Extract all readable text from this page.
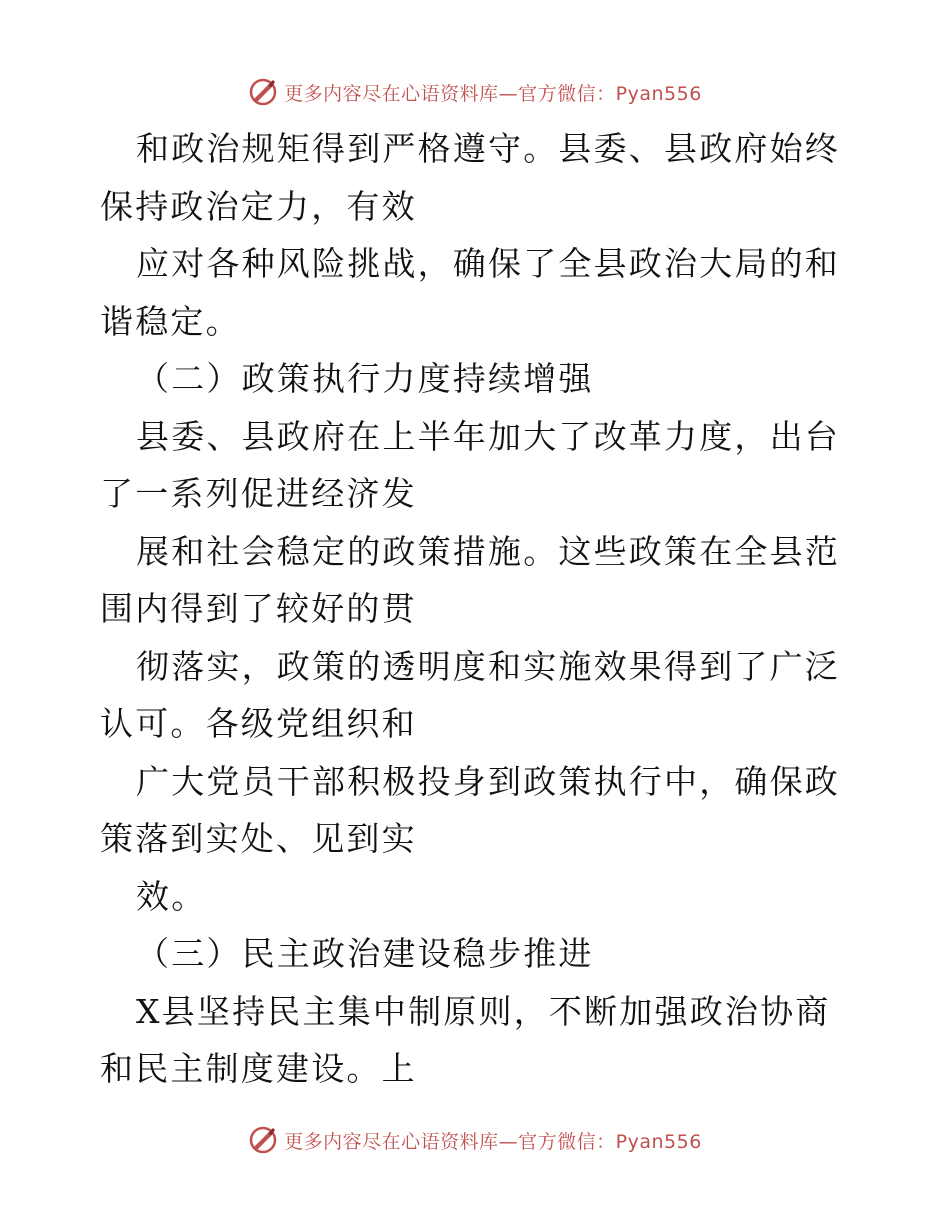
更多内容尽在心语资料库—官方微信：Pyan556

和政治规矩得到严格遵守。县委、县政府始终保持政治定力，有效

应对各种风险挑战，确保了全县政治大局的和谐稳定。

（二）政策执行力度持续增强

县委、县政府在上半年加大了改革力度，出台了一系列促进经济发

展和社会稳定的政策措施。这些政策在全县范围内得到了较好的贯

彻落实，政策的透明度和实施效果得到了广泛认可。各级党组织和

广大党员干部积极投身到政策执行中，确保政策落到实处、见到实

效。

（三）民主政治建设稳步推进

X县坚持民主集中制原则，不断加强政治协商和民主制度建设。上

更多内容尽在心语资料库—官方微信：Pyan556
